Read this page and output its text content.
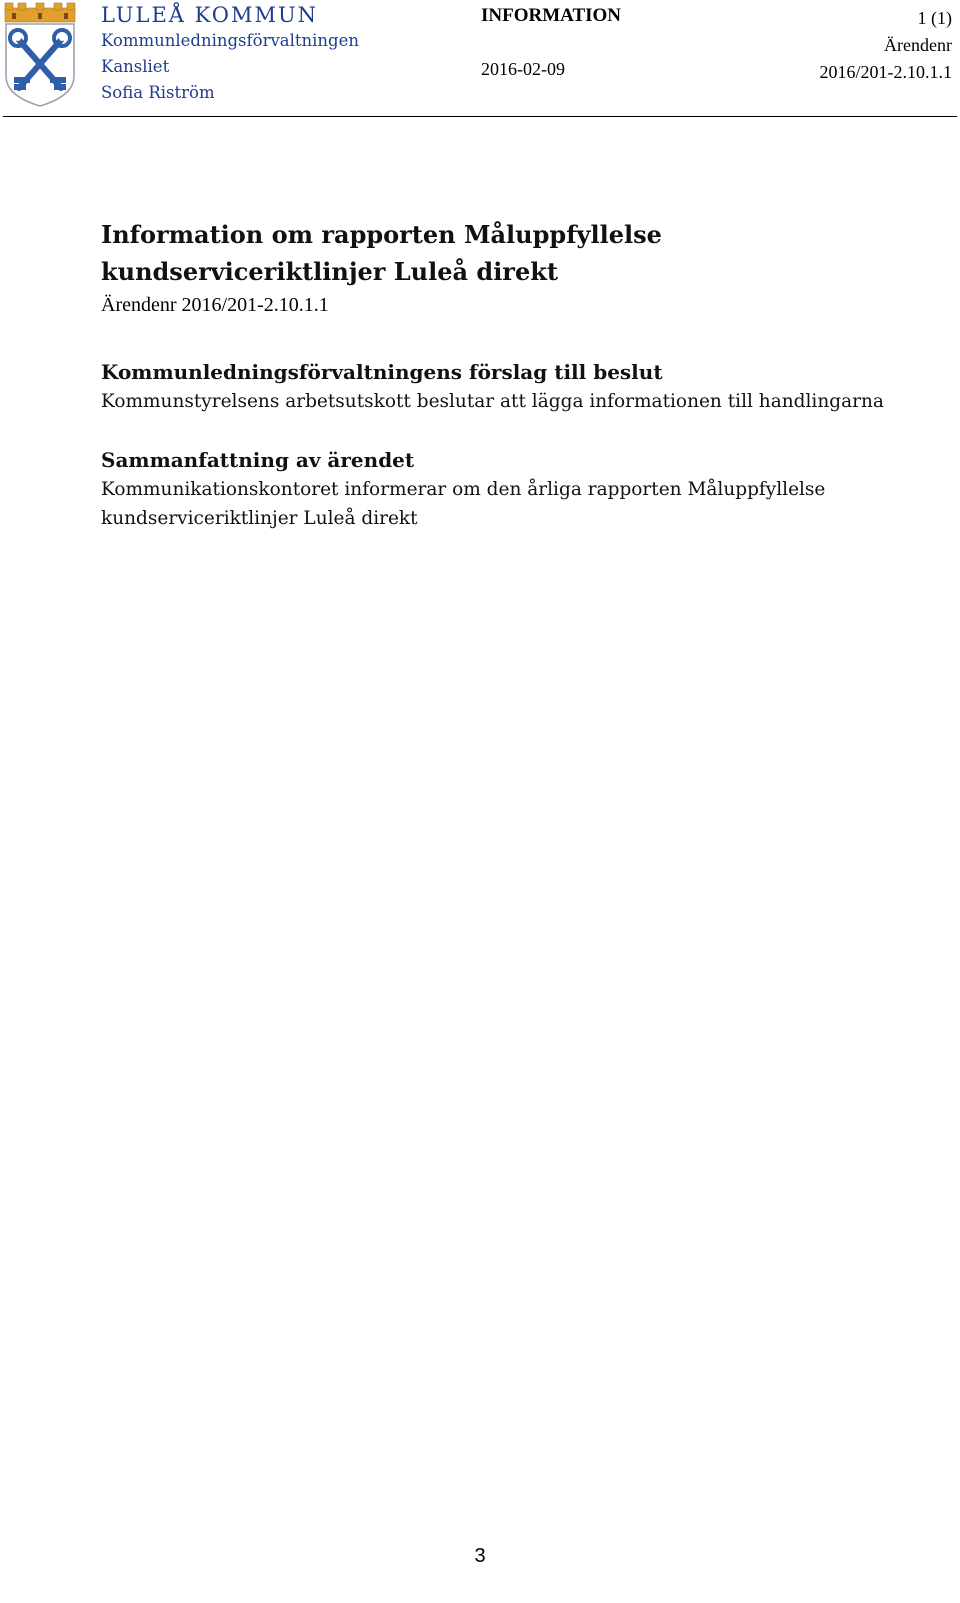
LULEÅ KOMMUN
Kommunledningsförvaltningen
Kansliet
Sofia Riström
INFORMATION
2016-02-09
1 (1)
Ärendenr
2016/201-2.10.1.1
Information om rapporten Måluppfyllelse
kundserviceriktlinjer Luleå direkt

Ärendenr 2016/201-2.10.1.1

Kommunledningsförvaltningens förslag till beslut

Kommunstyrelsens arbetsutskott beslutar att lägga informationen till handlingarna

Sammanfattning av ärendet

Kommunikationskontoret informerar om den årliga rapporten Måluppfyllelse kundserviceriktlinjer Luleå direkt

3
